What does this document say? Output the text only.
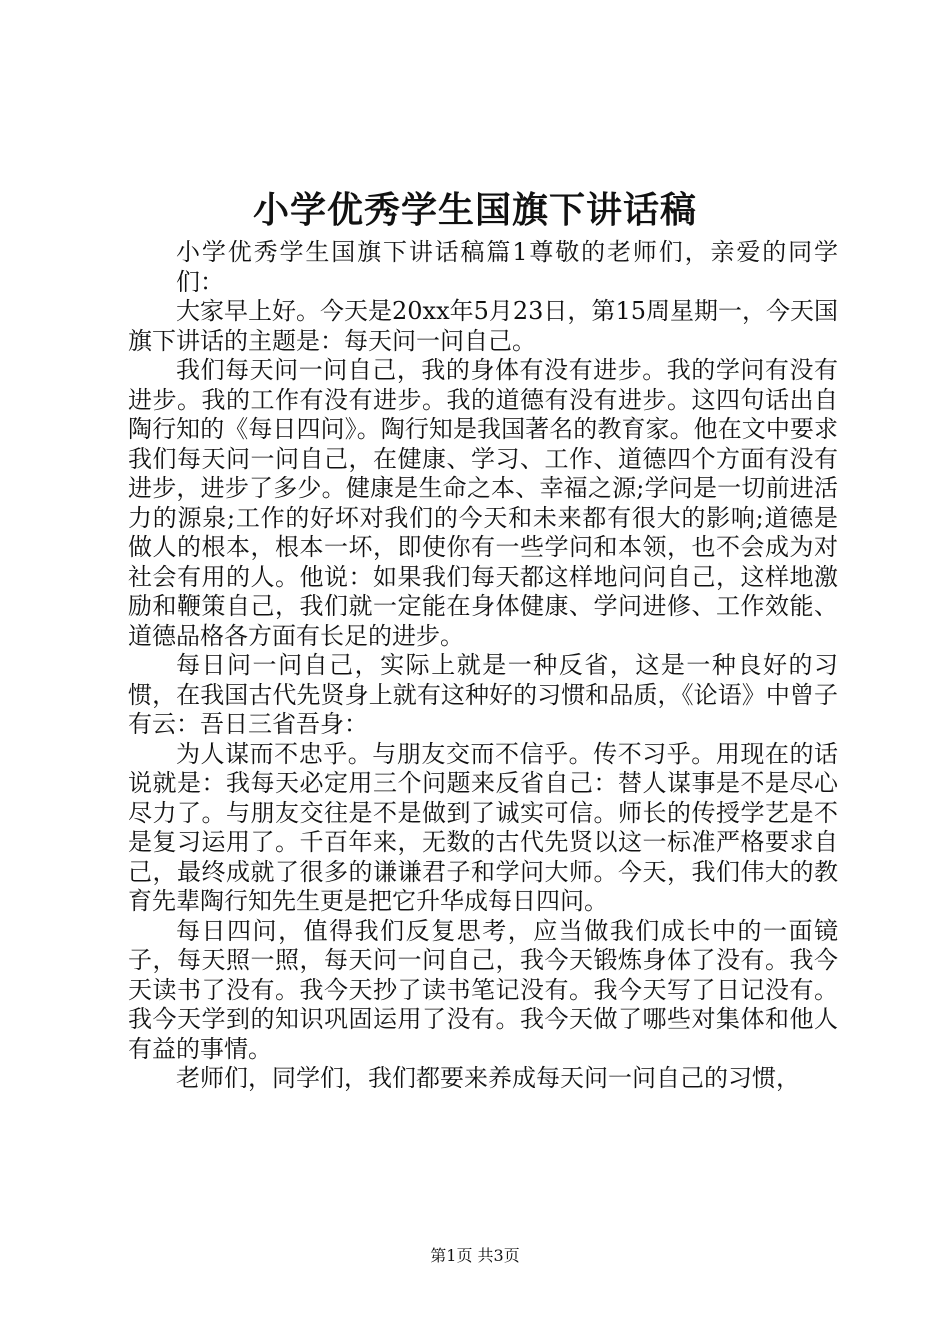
小学优秀学生国旗下讲话稿

小学优秀学生国旗下讲话稿篇1尊敬的老师们，亲爱的同学们：

大家早上好。今天是20xx年5月23日，第15周星期一，今天国旗下讲话的主题是：每天问一问自己。

我们每天问一问自己，我的身体有没有进步。我的学问有没有进步。我的工作有没有进步。我的道德有没有进步。这四句话出自陶行知的《每日四问》。陶行知是我国著名的教育家。他在文中要求我们每天问一问自己，在健康、学习、工作、道德四个方面有没有进步，进步了多少。健康是生命之本、幸福之源;学问是一切前进活力的源泉;工作的好坏对我们的今天和未来都有很大的影响;道德是做人的根本，根本一坏，即使你有一些学问和本领，也不会成为对社会有用的人。他说：如果我们每天都这样地问问自己，这样地激励和鞭策自己，我们就一定能在身体健康、学问进修、工作效能、道德品格各方面有长足的进步。

每日问一问自己，实际上就是一种反省，这是一种良好的习惯，在我国古代先贤身上就有这种好的习惯和品质，《论语》中曾子有云：吾日三省吾身：

为人谋而不忠乎。与朋友交而不信乎。传不习乎。用现在的话说就是：我每天必定用三个问题来反省自己：替人谋事是不是尽心尽力了。与朋友交往是不是做到了诚实可信。师长的传授学艺是不是复习运用了。千百年来，无数的古代先贤以这一标准严格要求自己，最终成就了很多的谦谦君子和学问大师。今天，我们伟大的教育先辈陶行知先生更是把它升华成每日四问。

每日四问，值得我们反复思考，应当做我们成长中的一面镜子，每天照一照，每天问一问自己，我今天锻炼身体了没有。我今天读书了没有。我今天抄了读书笔记没有。我今天写了日记没有。我今天学到的知识巩固运用了没有。我今天做了哪些对集体和他人有益的事情。

老师们，同学们，我们都要来养成每天问一问自己的习惯，

第1页 共3页
